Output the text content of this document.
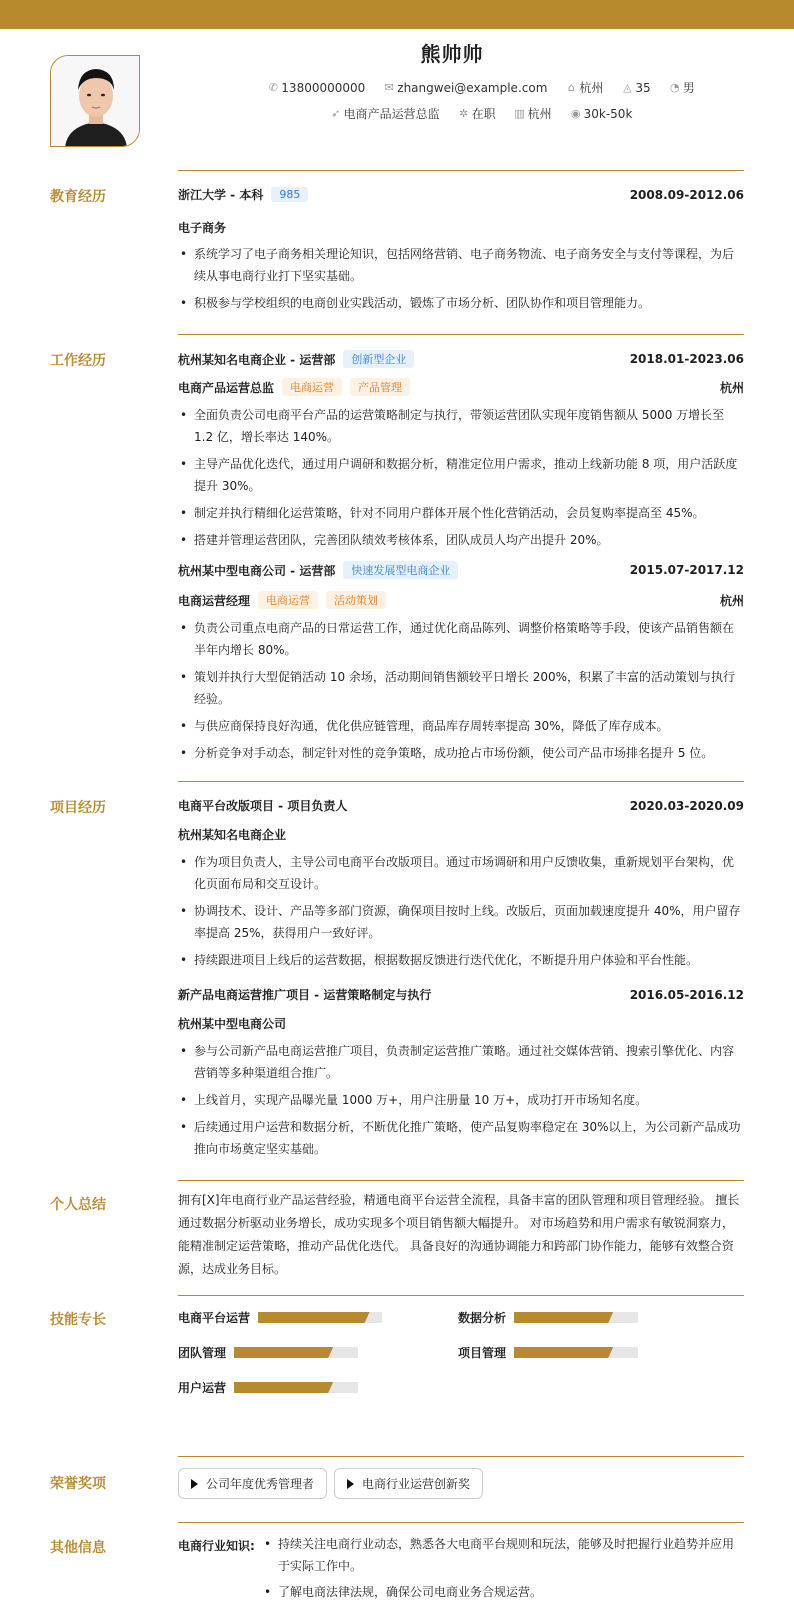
熊帅帅
✆ 13800000000 ✉ zhangwei@example.com ⌂ 杭州 ◬ 35 ◔ 男
➶ 电商产品运营总监 ✲ 在职 ▥ 杭州 ◉ 30k-50k
教育经历	浙江大学 - 本科	985	2008.09-2012.06
电子商务
• 系统学习了电子商务相关理论知识，包括网络营销、电子商务物流、电子商务安全与支付等课程，为后续从事电商行业打下坚实基础。
• 积极参与学校组织的电商创业实践活动，锻炼了市场分析、团队协作和项目管理能力。
工作经历	杭州某知名电商企业 - 运营部	创新型企业	2018.01-2023.06
电商产品运营总监	电商运营	产品管理	杭州
• 全面负责公司电商平台产品的运营策略制定与执行，带领运营团队实现年度销售额从 5000 万增长至 1.2 亿，增长率达 140%。
• 主导产品优化迭代，通过用户调研和数据分析，精准定位用户需求，推动上线新功能 8 项，用户活跃度提升 30%。
• 制定并执行精细化运营策略，针对不同用户群体开展个性化营销活动，会员复购率提高至 45%。
• 搭建并管理运营团队，完善团队绩效考核体系，团队成员人均产出提升 20%。
杭州某中型电商公司 - 运营部	快速发展型电商企业	2015.07-2017.12
电商运营经理	电商运营	活动策划	杭州
• 负责公司重点电商产品的日常运营工作，通过优化商品陈列、调整价格策略等手段，使该产品销售额在半年内增长 80%。
• 策划并执行大型促销活动 10 余场，活动期间销售额较平日增长 200%，积累了丰富的活动策划与执行经验。
• 与供应商保持良好沟通，优化供应链管理，商品库存周转率提高 30%，降低了库存成本。
• 分析竞争对手动态，制定针对性的竞争策略，成功抢占市场份额，使公司产品市场排名提升 5 位。
项目经历	电商平台改版项目 - 项目负责人	2020.03-2020.09
杭州某知名电商企业
• 作为项目负责人，主导公司电商平台改版项目。通过市场调研和用户反馈收集，重新规划平台架构，优化页面布局和交互设计。
• 协调技术、设计、产品等多部门资源，确保项目按时上线。改版后，页面加载速度提升 40%，用户留存率提高 25%，获得用户一致好评。
• 持续跟进项目上线后的运营数据，根据数据反馈进行迭代优化，不断提升用户体验和平台性能。
新产品电商运营推广项目 - 运营策略制定与执行	2016.05-2016.12
杭州某中型电商公司
• 参与公司新产品电商运营推广项目，负责制定运营推广策略。通过社交媒体营销、搜索引擎优化、内容营销等多种渠道组合推广。
• 上线首月，实现产品曝光量 1000 万+，用户注册量 10 万+，成功打开市场知名度。
• 后续通过用户运营和数据分析，不断优化推广策略，使产品复购率稳定在 30%以上，为公司新产品成功推向市场奠定坚实基础。
个人总结	拥有[X]年电商行业产品运营经验，精通电商平台运营全流程，具备丰富的团队管理和项目管理经验。 擅长通过数据分析驱动业务增长，成功实现多个项目销售额大幅提升。 对市场趋势和用户需求有敏锐洞察力，能精准制定运营策略，推动产品优化迭代。 具备良好的沟通协调能力和跨部门协作能力，能够有效整合资源，达成业务目标。
技能专长	电商平台运营	数据分析
团队管理	项目管理
用户运营
荣誉奖项	公司年度优秀管理者	电商行业运营创新奖
其他信息	电商行业知识:
•	持续关注电商行业动态，熟悉各大电商平台规则和玩法，能够及时把握行业趋势并应用于实际工作中。
• 了解电商法律法规，确保公司电商业务合规运营。
